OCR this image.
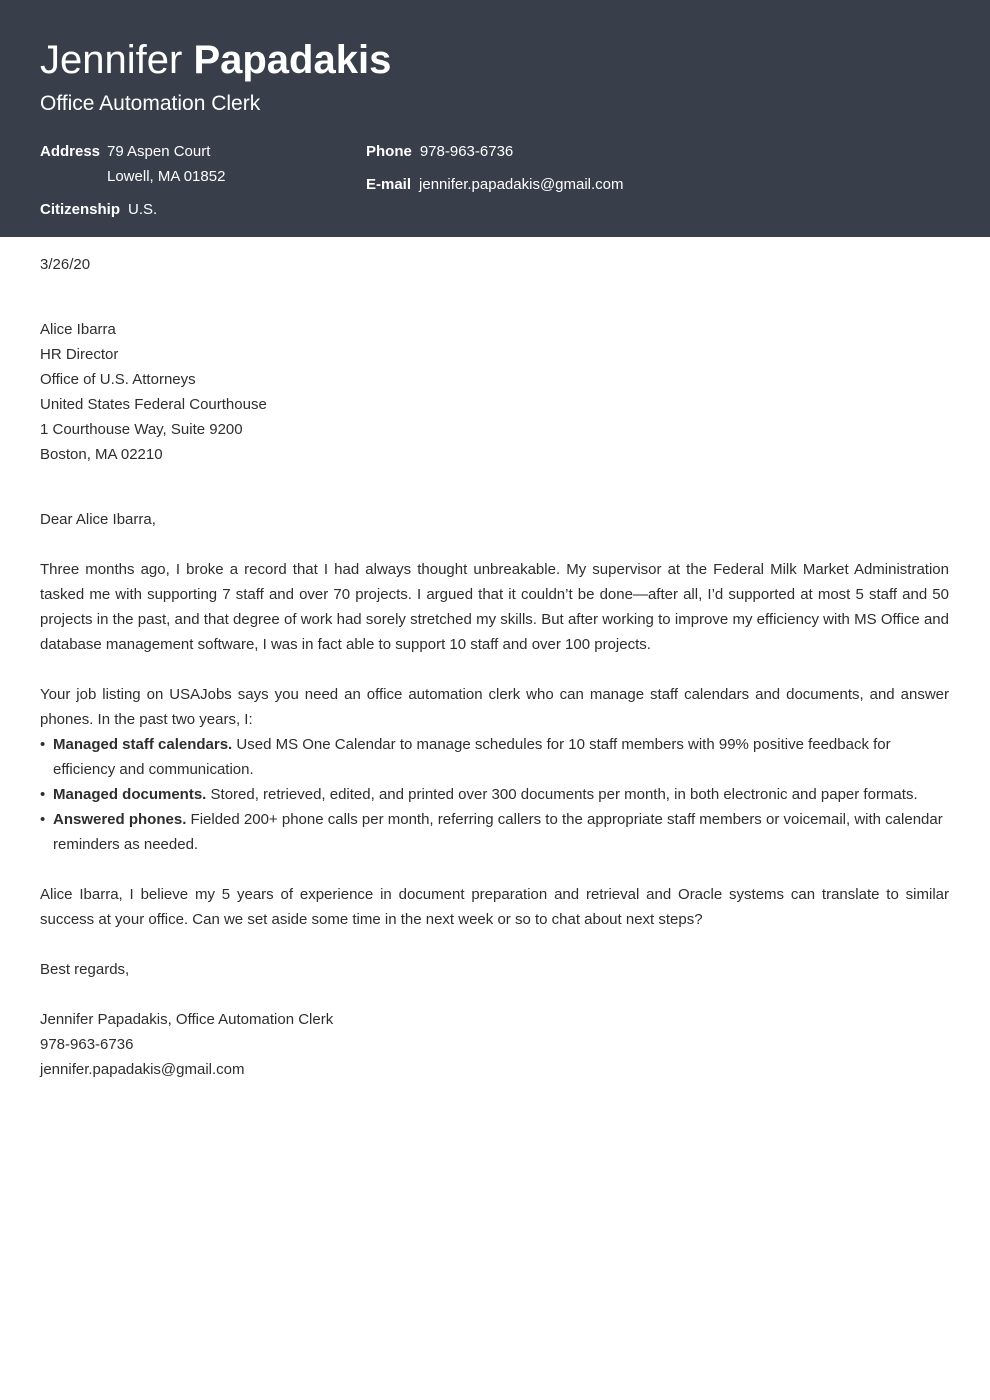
Jennifer Papadakis
Office Automation Clerk
Address 79 Aspen Court
Lowell, MA 01852
Citizenship U.S.
Phone 978-963-6736
E-mail jennifer.papadakis@gmail.com

3/26/20

Alice Ibarra

HR Director

Office of U.S. Attorneys

United States Federal Courthouse

1 Courthouse Way, Suite 9200

Boston, MA 02210

Dear Alice Ibarra,

Three months ago, I broke a record that I had always thought unbreakable. My supervisor at the Federal Milk Market Administration tasked me with supporting 7 staff and over 70 projects. I argued that it couldn’t be done—after all, I’d supported at most 5 staff and 50 projects in the past, and that degree of work had sorely stretched my skills. But after working to improve my efficiency with MS Office and database management software, I was in fact able to support 10 staff and over 100 projects.

Your job listing on USAJobs says you need an office automation clerk who can manage staff calendars and documents, and answer phones. In the past two years, I:

• Managed staff calendars. Used MS One Calendar to manage schedules for 10 staff members with 99% positive feedback for efficiency and communication.
• Managed documents. Stored, retrieved, edited, and printed over 300 documents per month, in both electronic and paper formats.
• Answered phones. Fielded 200+ phone calls per month, referring callers to the appropriate staff members or voicemail, with calendar reminders as needed.

Alice Ibarra, I believe my 5 years of experience in document preparation and retrieval and Oracle systems can translate to similar success at your office. Can we set aside some time in the next week or so to chat about next steps?

Best regards,

Jennifer Papadakis, Office Automation Clerk

978-963-6736

jennifer.papadakis@gmail.com
